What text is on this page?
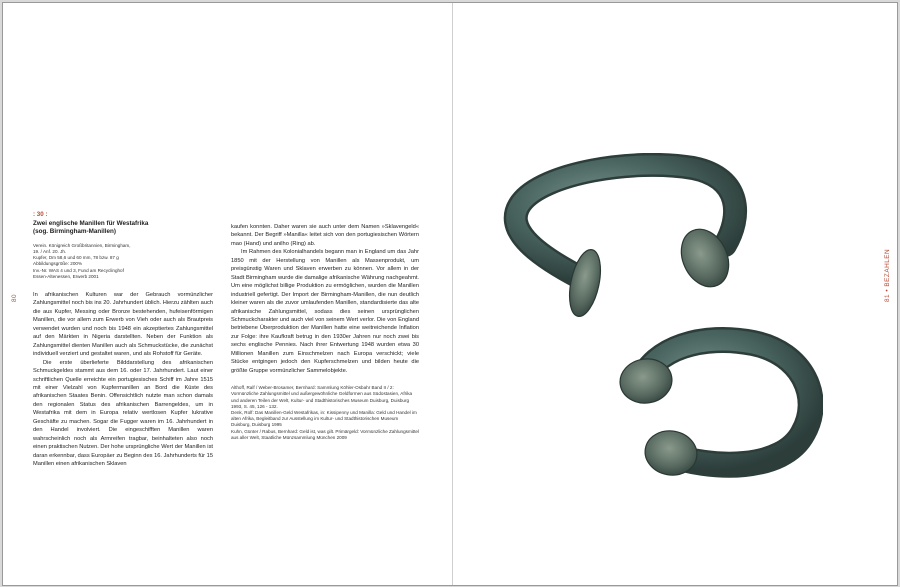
80	81 • BEZAHLEN
: 30 :
Zwei englische Manillen für Westafrika
(sog. Birmingham-Manillen)
Verein. Königreich Großbritannien, Birmingham,
19. / Anf. 20. Jh.
Kupfer, Dm 58,6 und 60 mm, 78 bzw. 87 g
Abbildungsgröße: 200%
Inv.-Nr. WAS 4 und 3, Fund am Recyclinghof
Essen-Altenessen, Erwerb 2001

In afrikanischen Kulturen war der Gebrauch vormünzlicher Zahlungsmittel noch bis ins 20. Jahrhundert üblich. Hierzu zählten auch die aus Kupfer, Messing oder Bronze bestehenden, hufeisenförmigen Manillen, die vor allem zum Erwerb von Vieh oder auch als Brautpreis verwendet wurden und noch bis 1948 ein akzeptiertes Zahlungsmittel auf den Märkten in Nigeria darstellten. Neben der Funktion als Zahlungsmittel dienten Manillen auch als Schmuckstücke, die zunächst individuell verziert und gestaltet waren, und als Rohstoff für Geräte.

Die erste überlieferte Bilddarstellung des afrikanischen Schmuckgeldes stammt aus dem 16. oder 17. Jahrhundert. Laut einer schriftlichen Quelle erreichte ein portugiesisches Schiff im Jahre 1515 mit einer Vielzahl von Kupfermanillen an Bord die Küste des afrikanischen Staates Benin. Offensichtlich nutzte man schon damals den regionalen Status des afrikanischen Barrengeldes, um in Westafrika mit dem in Europa relativ wertlosen Kupfer lukrative Geschäfte zu machen. Sogar die Fugger waren im 16. Jahrhundert in den Handel involviert. Die eingeschifften Manillen waren wahrscheinlich noch als Armreifen tragbar, beinhalteten also noch einen praktischen Nutzen. Der hohe ursprüngliche Wert der Manillen ist daran erkennbar, dass Europäer zu Beginn des 16. Jahrhunderts für 15 Manillen einen afrikanischen Sklaven

kaufen konnten. Daher waren sie auch unter dem Namen »Sklavengeld« bekannt. Der Begriff »Manilla« leitet sich von den portugiesischen Wörtern mao (Hand) und anilho (Ring) ab.

Im Rahmen des Kolonialhandels begann man in England um das Jahr 1850 mit der Herstellung von Manillen als Massenprodukt, um preisgünstig Waren und Sklaven erwerben zu können. Vor allem in der Stadt Birmingham wurde die damalige afrikanische Währung nachgeahmt. Um eine möglichst billige Produktion zu ermöglichen, wurden die Manillen industriell gefertigt. Der Import der Birmingham-Manillen, die nun deutlich kleiner waren als die zuvor umlaufenden Manillen, standardisierte das alte afrikanische Zahlungsmittel, sodass dies seinen ursprünglichen Schmuckcharakter und auch viel von seinem Wert verlor. Die von England betriebene Überproduktion der Manillen hatte eine weitreichende Inflation zur Folge: ihre Kaufkraft betrug in den 1930er Jahren nur noch zwei bis sechs englische Pennies. Nach ihrer Entwertung 1948 wurden etwa 30 Millionen Manillen zum Einschmelzen nach Europa verschickt; viele Stücke entgingen jedoch den Kupferschmelzen und bilden heute die größte Gruppe vormünzlicher Sammelobjekte.

Althoff, Ralf / Weber-Brosamer, Bernhard: Sammlung Köhler-Osbahr Band II / 2: Vormünzliche Zahlungsmittel und außergewöhnliche Geldformen aus Südostasien, Afrika und anderen Teilen der Welt, Kultur- und Stadthistorisches Museum Duisburg, Duisburg 1993, S. 45, 126 - 132.
Denk, Rolf: Das Manillen-Geld Westafrikas, in: Kissipenny und Manilla: Geld und Handel im alten Afrika, Begleitband zur Ausstellung im Kultur- und Stadthistorischen Museum Duisburg, Duisburg 1995
Kuhn, Günter / Rabus, Bernhard: Geld ist, was gilt. Primärgeld: Vormünzliche Zahlungsmittel aus aller Welt, Staatliche Münzsammlung München 2009
